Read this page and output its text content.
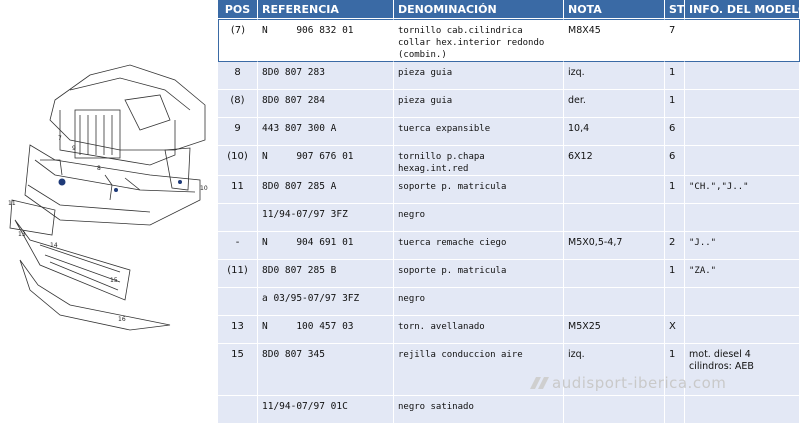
7
9
8
10
11
13
14
15
16
POS	REFERENCIA	DENOMINACIÓN	NOTA	ST	INFO. DEL MODELO
(7)	N     906 832 01	tornillo cab.cilindrica collar hex.interior redondo (combin.)	M8X45	7	
8	8D0 807 283	pieza guia	izq.	1	
(8)	8D0 807 284	pieza guia	der.	1	
9	443 807 300 A	tuerca expansible	10,4	6	
(10)	N     907 676 01	tornillo p.chapa hexag.int.red	6X12	6	
11	8D0 807 285 A	soporte p. matricula		1	"CH.","J.."
	11/94-07/97 3FZ	negro			
-	N     904 691 01	tuerca remache ciego	M5X0,5-4,7	2	"J.."
(11)	8D0 807 285 B	soporte p. matricula		1	"ZA."
	a 03/95-07/97 3FZ	negro			
13	N     100 457 03	torn. avellanado	M5X25	X	
15	8D0 807 345	rejilla conduccion aire	izq.	1	mot. diesel 4 cilindros: AEB
	11/94-07/97 01C	negro satinado			
audisport-iberica.com
